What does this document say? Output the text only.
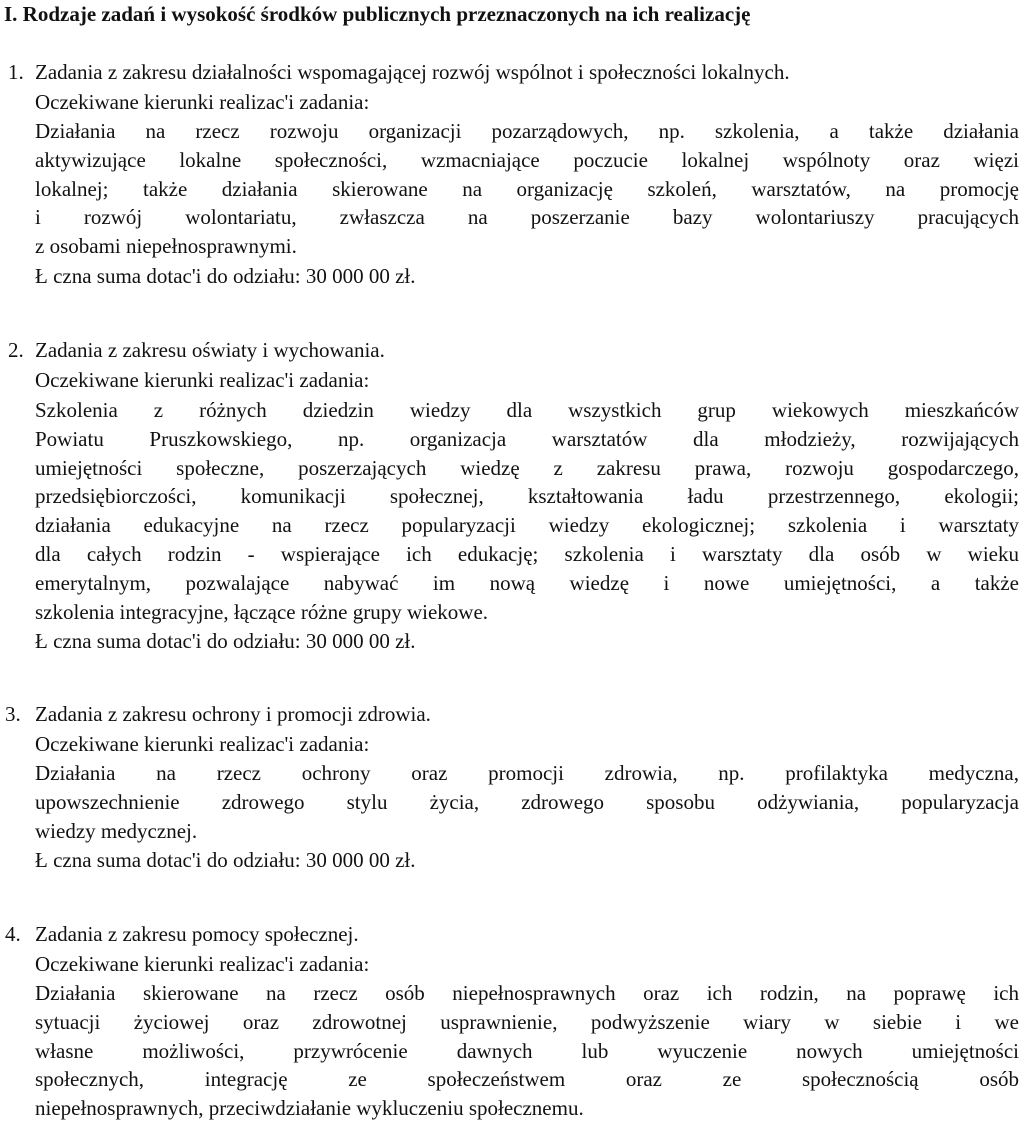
I. Rodzaje zadań i wysokość środków publicznych przeznaczonych na ich realizację
1. Zadania z zakresu działalności wspomagającej rozwój wspólnot i społeczności lokalnych.
Oczekiwane kierunki realizac'i zadania:
Działania na rzecz rozwoju organizacji pozarządowych, np. szkolenia, a także działania
aktywizujące lokalne społeczności, wzmacniające poczucie lokalnej wspólnoty oraz więzi
lokalnej; także działania skierowane na organizację szkoleń, warsztatów, na promocję
i rozwój wolontariatu, zwłaszcza na poszerzanie bazy wolontariuszy pracujących
z osobami niepełnosprawnymi.
Ł czna suma dotac'i do odziału: 30 000 00 zł.
2. Zadania z zakresu oświaty i wychowania.
Oczekiwane kierunki realizac'i zadania:
Szkolenia z różnych dziedzin wiedzy dla wszystkich grup wiekowych mieszkańców
Powiatu Pruszkowskiego, np. organizacja warsztatów dla młodzieży, rozwijających
umiejętności społeczne, poszerzających wiedzę z zakresu prawa, rozwoju gospodarczego,
przedsiębiorczości, komunikacji społecznej, kształtowania ładu przestrzennego, ekologii;
działania edukacyjne na rzecz popularyzacji wiedzy ekologicznej; szkolenia i warsztaty
dla całych rodzin - wspierające ich edukację; szkolenia i warsztaty dla osób w wieku
emerytalnym, pozwalające nabywać im nową wiedzę i nowe umiejętności, a także
szkolenia integracyjne, łączące różne grupy wiekowe.
Ł czna suma dotac'i do odziału: 30 000 00 zł.
3. Zadania z zakresu ochrony i promocji zdrowia.
Oczekiwane kierunki realizac'i zadania:
Działania na rzecz ochrony oraz promocji zdrowia, np. profilaktyka medyczna,
upowszechnienie zdrowego stylu życia, zdrowego sposobu odżywiania, popularyzacja
wiedzy medycznej.
Ł czna suma dotac'i do odziału: 30 000 00 zł.
4. Zadania z zakresu pomocy społecznej.
Oczekiwane kierunki realizac'i zadania:
Działania skierowane na rzecz osób niepełnosprawnych oraz ich rodzin, na poprawę ich
sytuacji życiowej oraz zdrowotnej usprawnienie, podwyższenie wiary w siebie i we
własne możliwości, przywrócenie dawnych lub wyuczenie nowych umiejętności
społecznych, integrację ze społeczeństwem oraz ze społecznością osób
niepełnosprawnych, przeciwdziałanie wykluczeniu społecznemu.
